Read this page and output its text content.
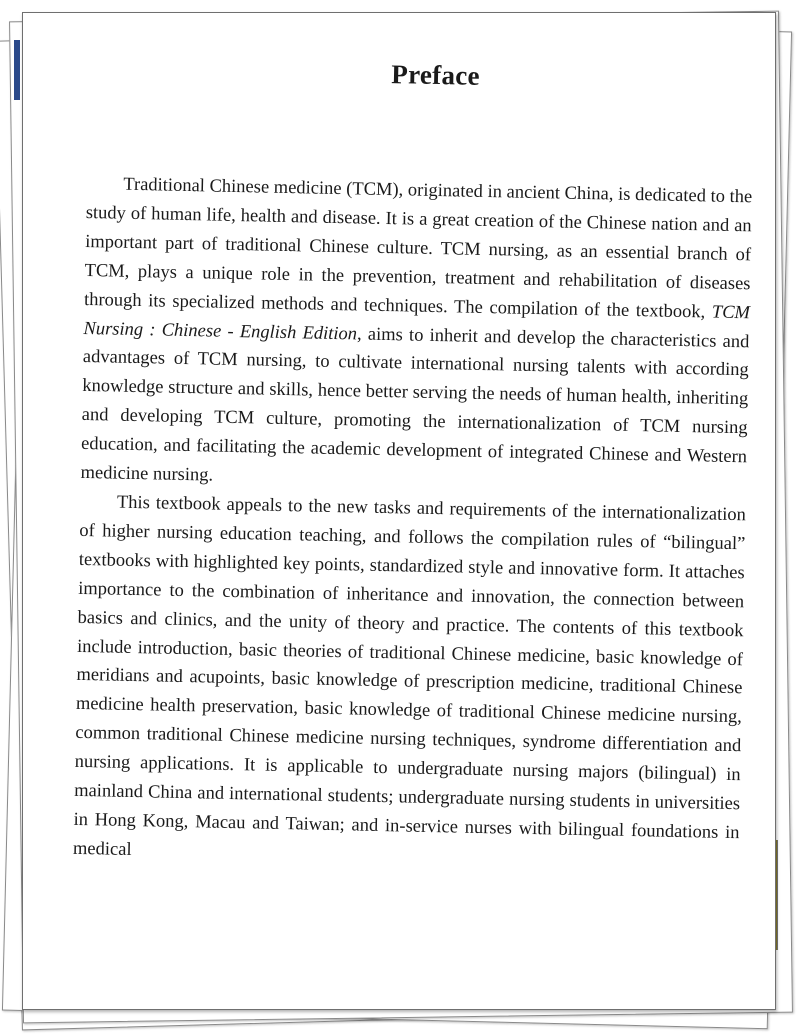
Preface

Traditional Chinese medicine (TCM), originated in ancient China, is dedicated to the study of human life, health and disease. It is a great creation of the Chinese nation and an important part of traditional Chinese culture. TCM nursing, as an essential branch of TCM, plays a unique role in the prevention, treatment and rehabilitation of diseases through its specialized methods and techniques. The compilation of the textbook, TCM Nursing : Chinese - English Edition, aims to inherit and develop the characteristics and advantages of TCM nursing, to cultivate international nursing talents with according knowledge structure and skills, hence better serving the needs of human health, inheriting and developing TCM culture, promoting the internationalization of TCM nursing education, and facilitating the academic development of integrated Chinese and Western medicine nursing.

This textbook appeals to the new tasks and requirements of the internationalization of higher nursing education teaching, and follows the compilation rules of “bilingual” textbooks with highlighted key points, standardized style and innovative form. It attaches importance to the combination of inheritance and innovation, the connection between basics and clinics, and the unity of theory and practice. The contents of this textbook include introduction, basic theories of traditional Chinese medicine, basic knowledge of meridians and acupoints, basic knowledge of prescription medicine, traditional Chinese medicine health preservation, basic knowledge of traditional Chinese medicine nursing, common traditional Chinese medicine nursing techniques, syndrome differentiation and nursing applications. It is applicable to undergraduate nursing majors (bilingual) in mainland China and international students; undergraduate nursing students in universities in Hong Kong, Macau and Taiwan; and in-service nurses with bilingual foundations in medical
